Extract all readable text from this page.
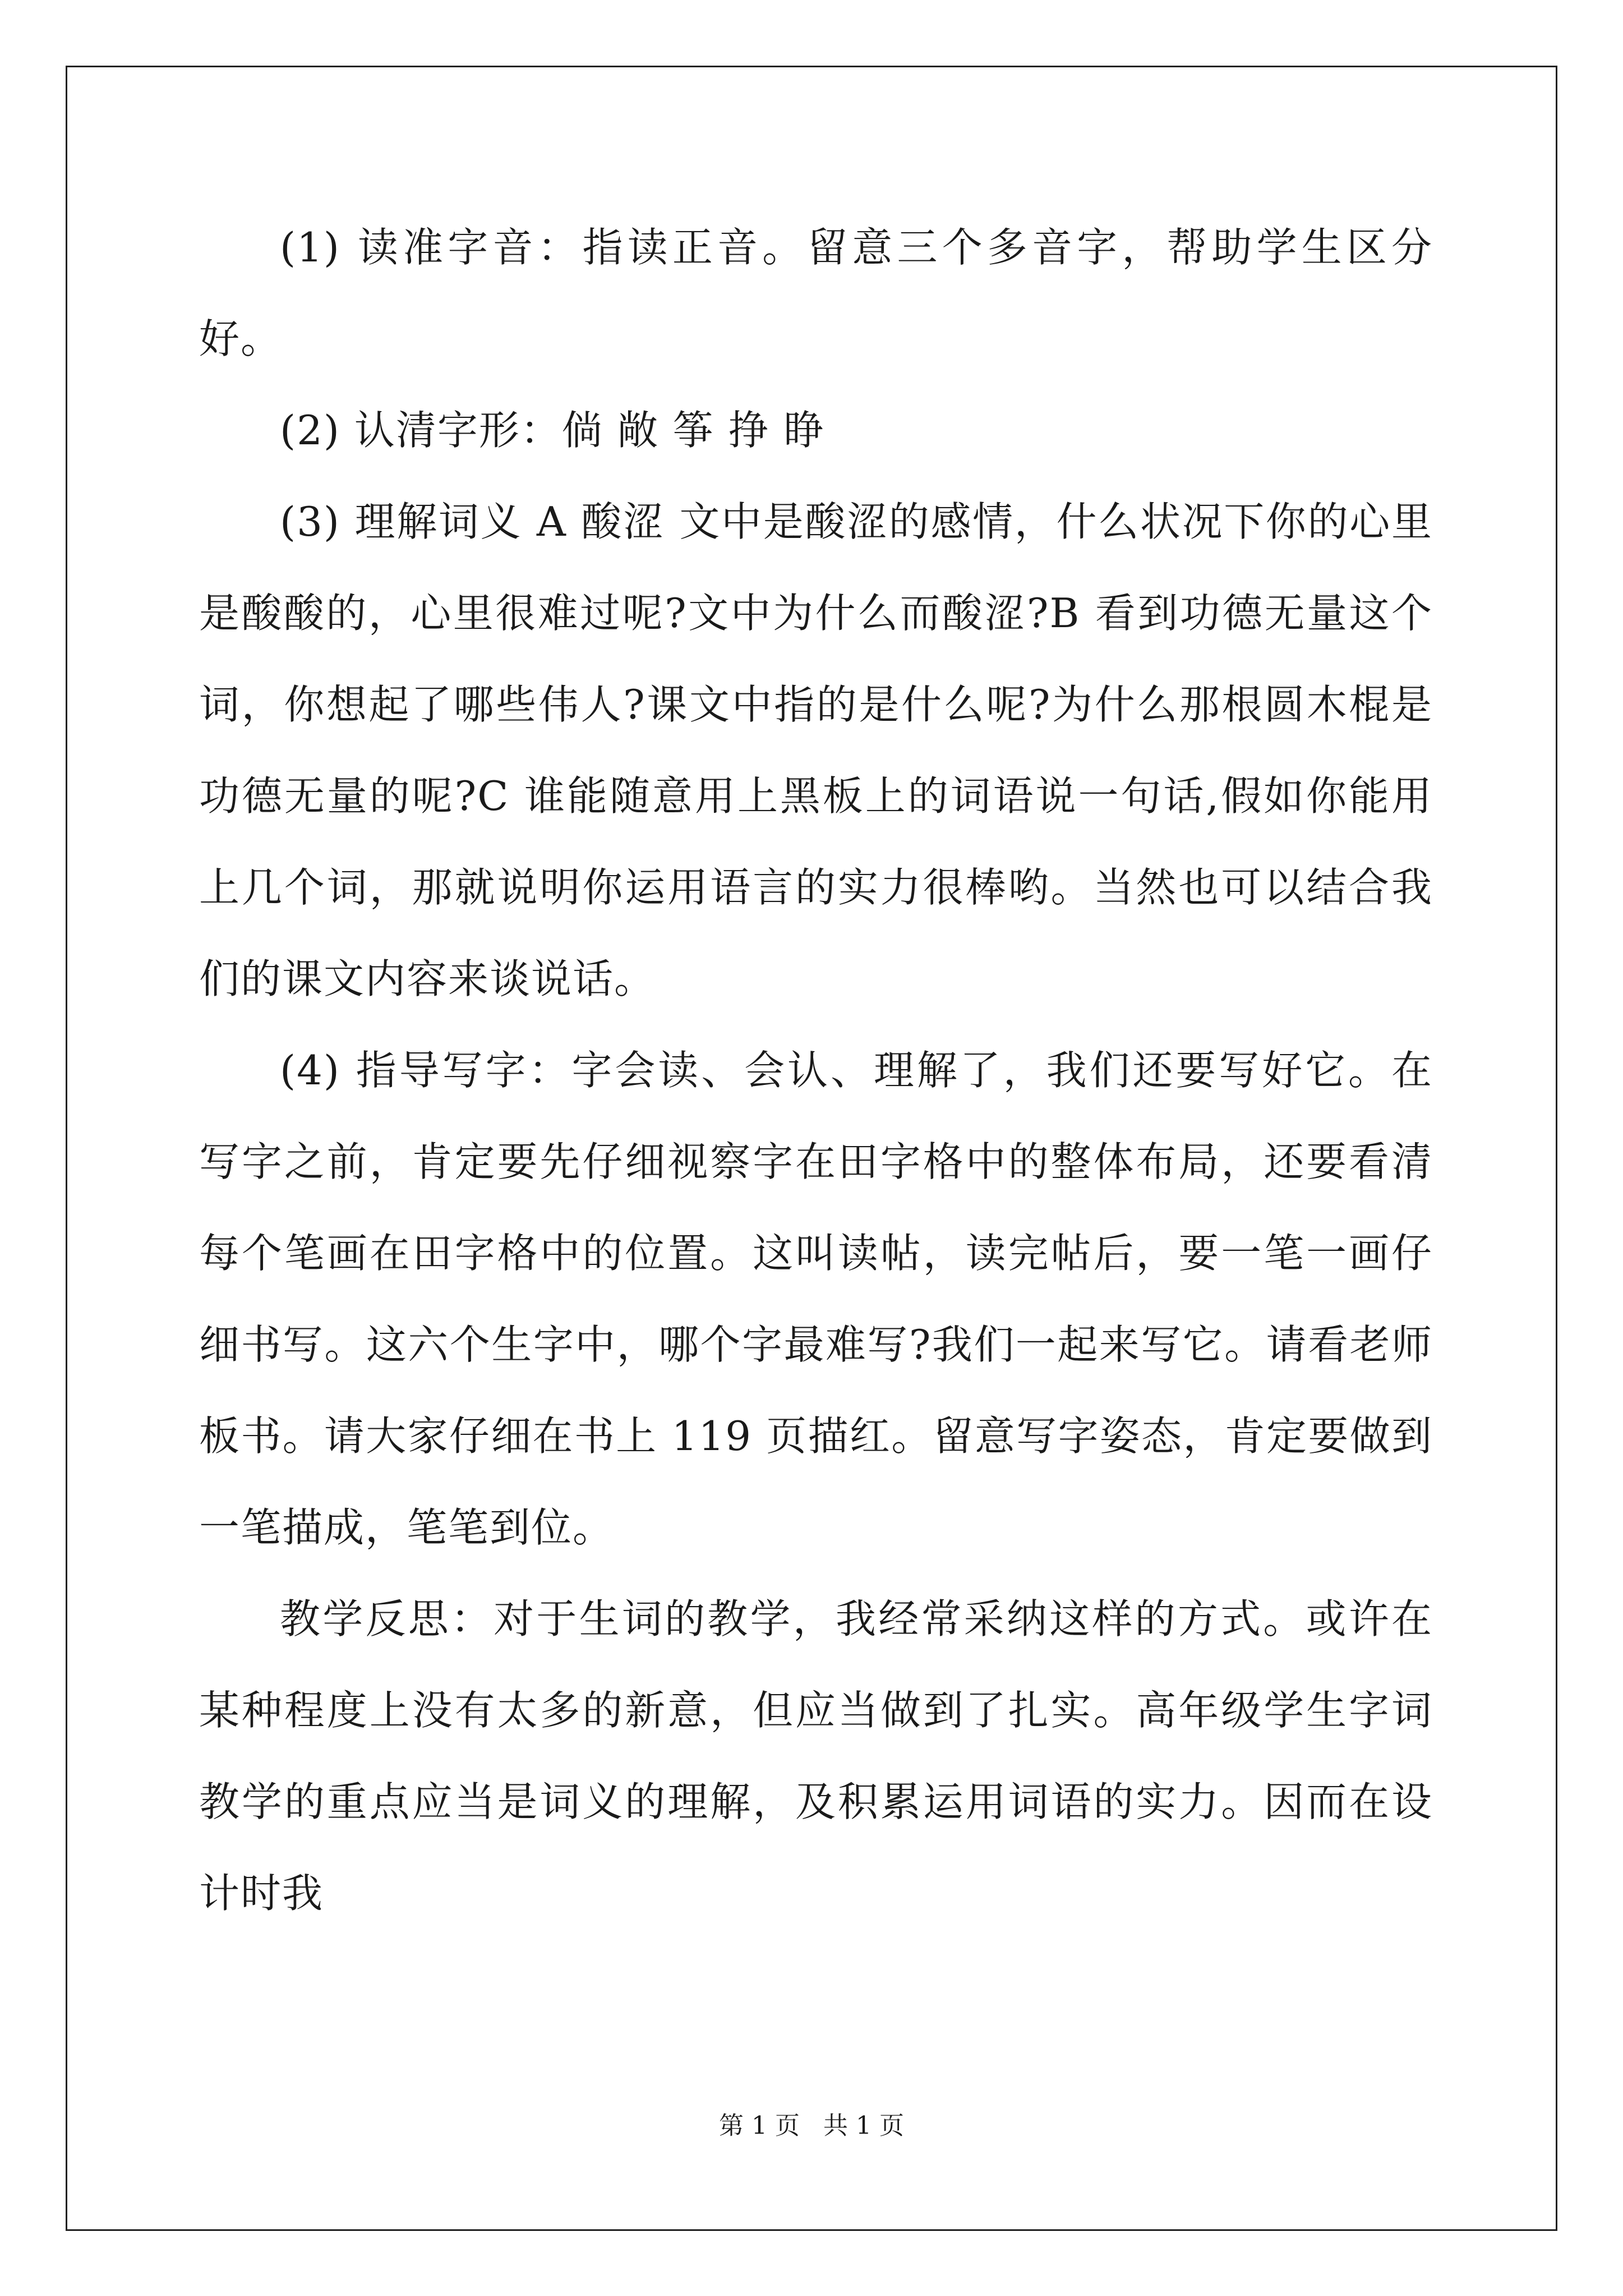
(1) 读准字音：指读正音。留意三个多音字，帮助学生区分好。

(2) 认清字形：倘 敞 筝 挣 睁

(3) 理解词义 A 酸涩 文中是酸涩的感情，什么状况下你的心里是酸酸的，心里很难过呢?文中为什么而酸涩?B 看到功德无量这个词，你想起了哪些伟人?课文中指的是什么呢?为什么那根圆木棍是功德无量的呢?C 谁能随意用上黑板上的词语说一句话,假如你能用上几个词，那就说明你运用语言的实力很棒哟。当然也可以结合我们的课文内容来谈说话。

(4) 指导写字：字会读、会认、理解了，我们还要写好它。在写字之前，肯定要先仔细视察字在田字格中的整体布局，还要看清每个笔画在田字格中的位置。这叫读帖，读完帖后，要一笔一画仔细书写。这六个生字中，哪个字最难写?我们一起来写它。请看老师板书。请大家仔细在书上 119 页描红。留意写字姿态，肯定要做到一笔描成，笔笔到位。

教学反思：对于生词的教学，我经常采纳这样的方式。或许在某种程度上没有太多的新意，但应当做到了扎实。高年级学生字词教学的重点应当是词义的理解，及积累运用词语的实力。因而在设计时我

第 1 页 共 1 页
